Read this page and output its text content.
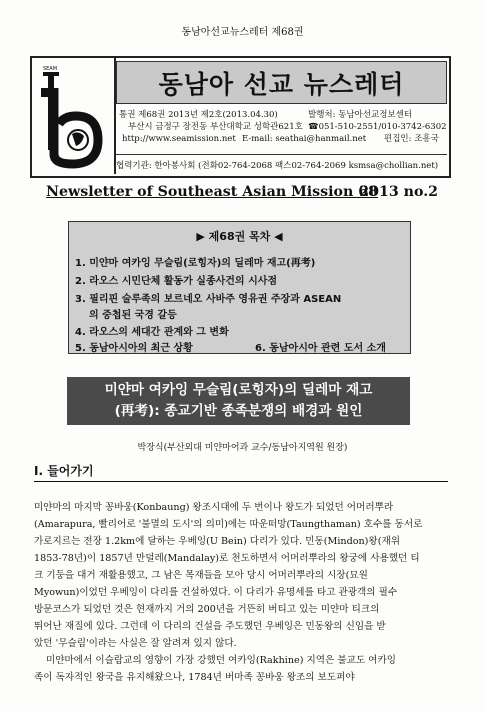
동남아선교뉴스레터 제68권
SEAM
동남아 선교 뉴스레터
통권 제68권 2013년 제2호(2013.04.30)	발행처: 동남아선교정보센터
부산시 금정구 장전동 부산대학교 성학관621호 ☎051-510-2551/010-3742-6302
http://www.seamission.net E-mail: seathai@hanmail.net 편집인: 조흥국
협력기관: 한아봉사회 (전화02-764-2068 팩스02-764-2069 ksmsa@chollian.net)
Newsletter of Southeast Asian Mission 68
2013 no.2
▶ 제68권 목차 ◀
1. 미얀마 여카잉 무슬림(로힝자)의 딜레마 재고(再考)
2. 라오스 시민단체 활동가 실종사건의 시사점
3. 필리핀 술루족의 보르네오 사바주 영유권 주장과 ASEAN
의 중첩된 국경 갈등
4. 라오스의 세대간 관계와 그 변화
5. 동남아시아의 최근 상황	6. 동남아시아 관련 도서 소개
미얀마 여카잉 무슬림(로힝자)의 딜레마 재고
(再考): 종교기반 종족분쟁의 배경과 원인
박장식(부산외대 미얀마어과 교수/동남아지역원 원장)
I. 들어가기
미얀마의 마지막 꽁바웅(Konbaung) 왕조시대에 두 번이나 왕도가 되었던 어머러뿌라
(Amarapura, 빨리어로 '불멸의 도시'의 의미)에는 따운떠망(Taungthaman) 호수를 동서로
가로지르는 전장 1.2km에 달하는 우베잉(U Bein) 다리가 있다. 민동(Mindon)왕(재위
1853-78년)이 1857년 만덜레(Mandalay)로 천도하면서 어머러뿌라의 왕궁에 사용했던 티
크 기둥을 대거 재활용했고, 그 남은 목재들을 모아 당시 어머러뿌라의 시장(묘원
Myowun)이었던 우베잉이 다리를 건설하였다. 이 다리가 유명세를 타고 관광객의 필수
방문코스가 되었던 것은 현재까지 거의 200년을 거뜬히 버티고 있는 미얀마 티크의
뛰어난 재질에 있다. 그런데 이 다리의 건설을 주도했던 우베잉은 민동왕의 신임을 받
았던 '무슬림'이라는 사실은 잘 알려져 있지 않다.
미얀마에서 이슬람교의 영향이 가장 강했던 여카잉(Rakhine) 지역은 불교도 여카잉
족이 독자적인 왕국을 유지해왔으나, 1784년 버마족 꽁바웅 왕조의 보도퍼야
